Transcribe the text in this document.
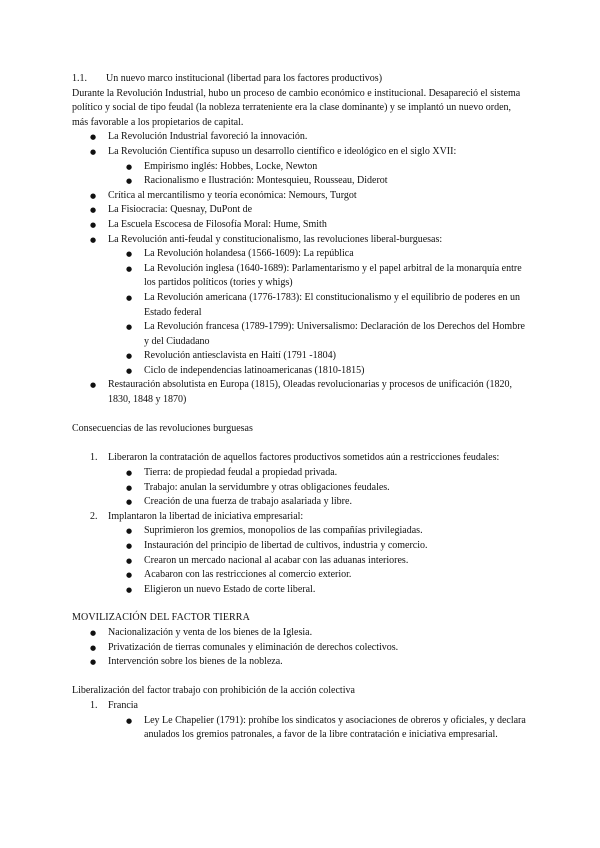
1.1. Un nuevo marco institucional (libertad para los factores productivos)

Durante la Revolución Industrial, hubo un proceso de cambio económico e institucional. Desapareció el sistema político y social de tipo feudal (la nobleza terrateniente era la clase dominante) y se implantó un nuevo orden, más favorable a los propietarios de capital.

● La Revolución Industrial favoreció la innovación.
● La Revolución Científica supuso un desarrollo científico e ideológico en el siglo XVII:
● Empirismo inglés: Hobbes, Locke, Newton
● Racionalismo e Ilustración: Montesquieu, Rousseau, Diderot
● Crítica al mercantilismo y teoría económica: Nemours, Turgot
● La Fisiocracia: Quesnay, DuPont de
● La Escuela Escocesa de Filosofía Moral: Hume, Smith
● La Revolución anti-feudal y constitucionalismo, las revoluciones liberal-burguesas:
● La Revolución holandesa (1566-1609): La república
● La Revolución inglesa (1640-1689): Parlamentarismo y el papel arbitral de la monarquía entre los partidos políticos (tories y whigs)
● La Revolución americana (1776-1783): El constitucionalismo y el equilibrio de poderes en un Estado federal
● La Revolución francesa (1789-1799): Universalismo: Declaración de los Derechos del Hombre y del Ciudadano
● Revolución antiesclavista en Haití (1791 -1804)
● Ciclo de independencias latinoamericanas (1810-1815)
● Restauración absolutista en Europa (1815), Oleadas revolucionarias y procesos de unificación (1820, 1830, 1848 y 1870)

Consecuencias de las revoluciones burguesas

1. Liberaron la contratación de aquellos factores productivos sometidos aún a restricciones feudales:
● Tierra: de propiedad feudal a propiedad privada.
● Trabajo: anulan la servidumbre y otras obligaciones feudales.
● Creación de una fuerza de trabajo asalariada y libre.
2. Implantaron la libertad de iniciativa empresarial:
● Suprimieron los gremios, monopolios de las compañías privilegiadas.
● Instauración del principio de libertad de cultivos, industria y comercio.
● Crearon un mercado nacional al acabar con las aduanas interiores.
● Acabaron con las restricciones al comercio exterior.
● Eligieron un nuevo Estado de corte liberal.

MOVILIZACIÓN DEL FACTOR TIERRA

● Nacionalización y venta de los bienes de la Iglesia.
● Privatización de tierras comunales y eliminación de derechos colectivos.
● Intervención sobre los bienes de la nobleza.

Liberalización del factor trabajo con prohibición de la acción colectiva

1. Francia
● Ley Le Chapelier (1791): prohíbe los sindicatos y asociaciones de obreros y oficiales, y declara anulados los gremios patronales, a favor de la libre contratación e iniciativa empresarial.
